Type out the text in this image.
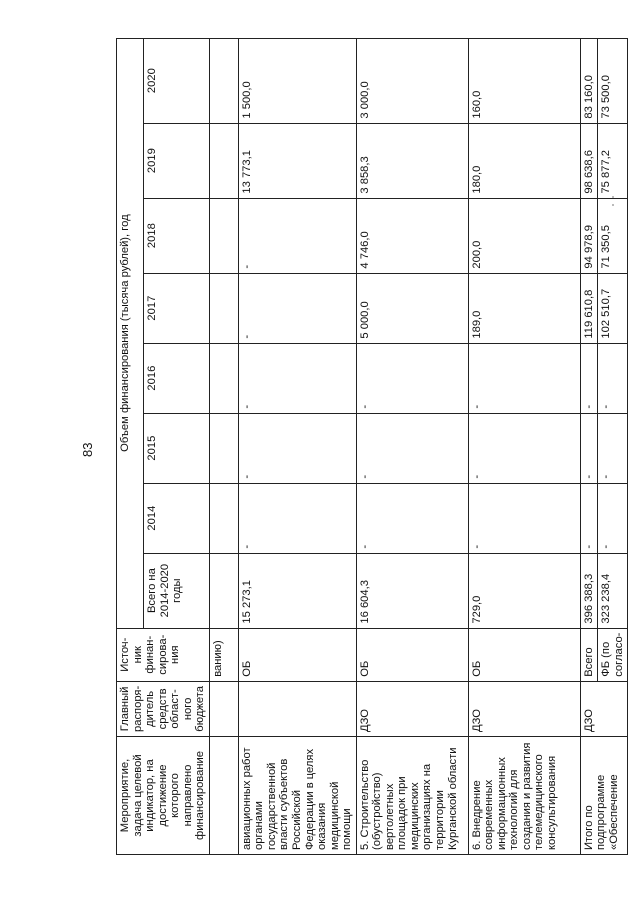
83
Мероприятие, задача целевой индикатор, на достижение которого направлено финансирование	Главный распоря-дитель средств област-ного бюджета	Источ-ник финан-сирова-ния	Объем финансирования (тысяча рублей), год							
			Всего на 2014-2020 годы	2014	2015	2016	2017	2018	2019	2020
		ванию)								
авиационных работ органами государственной власти субъектов Российской Федерации в целях оказания медицинской помощи		ОБ	15 273,1	-	-	-	-	-	13 773,1	1 500,0
5. Строительство (обустройство) вертолетных площадок при медицинских организациях на территории Курганской области	ДЗО	ОБ	16 604,3	-	-	-	5 000,0	4 746,0	3 858,3	3 000,0
6. Внедрение современных информационных технологий для создания и развития телемедицинского консультирования	ДЗО	ОБ	729,0	-	-	-	189,0	200,0	180,0	160,0
Итого по подпрограмме «Обеспечение	ДЗО	Всего	396 388,3	-	-	-	119 610,8	94 978,9	98 638,6	83 160,0
		ФБ (по согласо-	323 238,4	-	-	-	102 510,7	71 350,5	75 877,2	73 500,0
